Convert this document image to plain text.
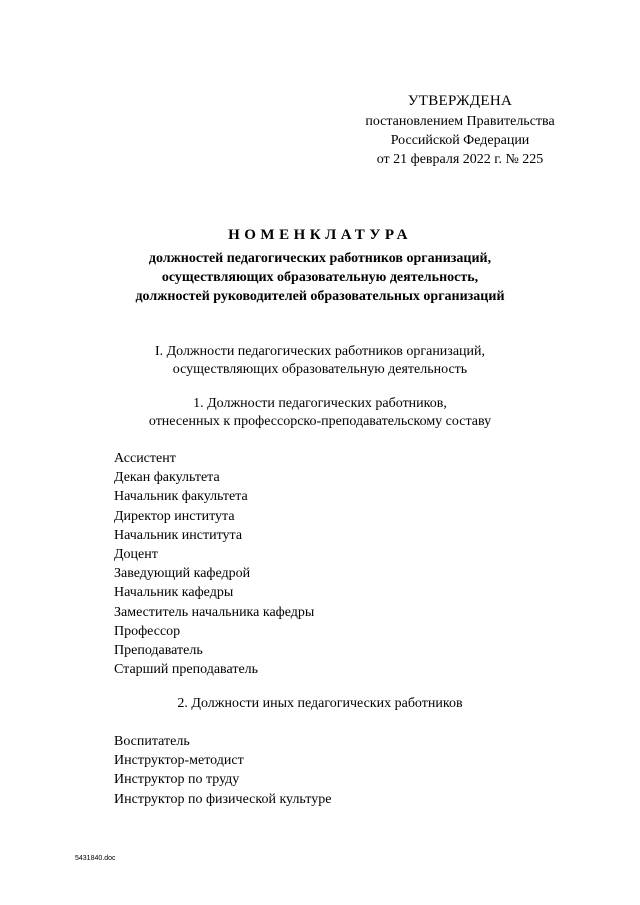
УТВЕРЖДЕНА
постановлением Правительства
Российской Федерации
от 21 февраля 2022 г. № 225
НОМЕНКЛАТУРА
должностей педагогических работников организаций,
осуществляющих образовательную деятельность,
должностей руководителей образовательных организаций
I. Должности педагогических работников организаций,
осуществляющих образовательную деятельность
1. Должности педагогических работников,
отнесенных к профессорско-преподавательскому составу
Ассистент
Декан факультета
Начальник факультета
Директор института
Начальник института
Доцент
Заведующий кафедрой
Начальник кафедры
Заместитель начальника кафедры
Профессор
Преподаватель
Старший преподаватель
2. Должности иных педагогических работников
Воспитатель
Инструктор-методист
Инструктор по труду
Инструктор по физической культуре
5431840.doc
